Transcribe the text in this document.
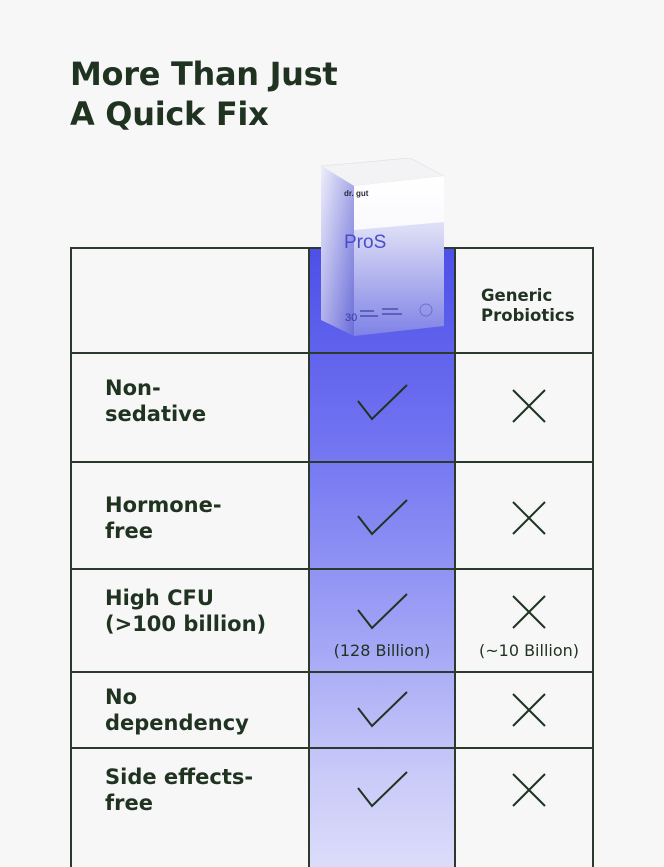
More Than Just
A Quick Fix
Generic
Probiotics
Non-
sedative
Hormone-
free
High CFU
(>100 billion)
(128 Billion)	(~10 Billion)
No
dependency
Side effects-
free
dr. gut
ProS
30
